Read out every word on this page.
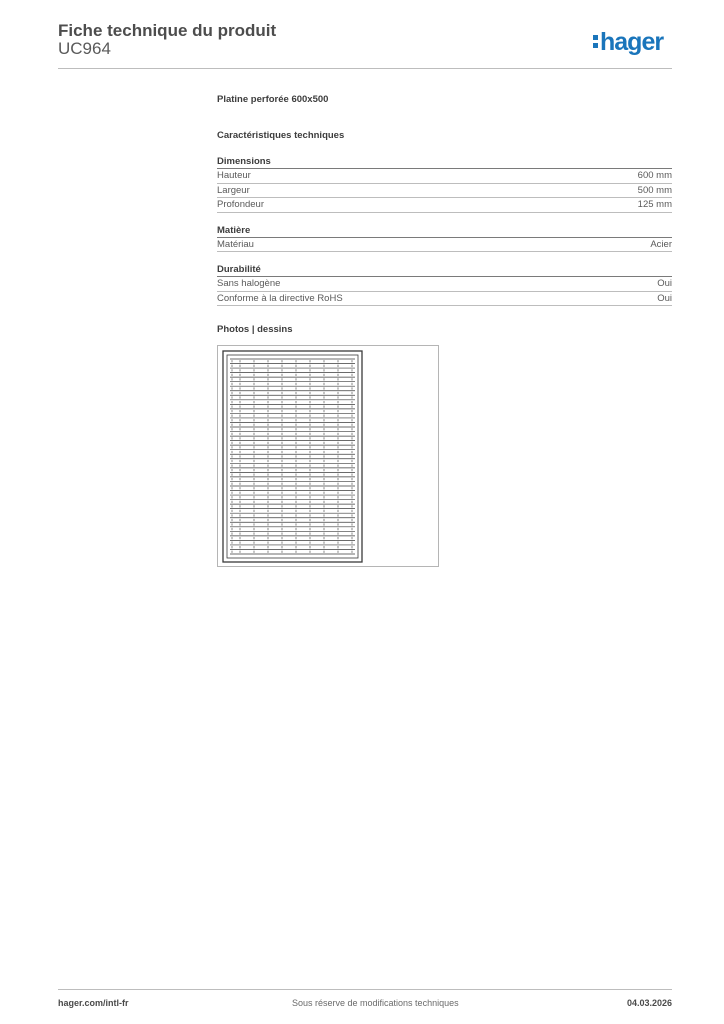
Fiche technique du produit
UC964	hager
Platine perforée 600x500
Caractéristiques techniques
Dimensions
Hauteur	600 mm
Largeur	500 mm
Profondeur	125 mm
Matière
Matériau	Acier
Durabilité
Sans halogène	Oui
Conforme à la directive RoHS	Oui
Photos | dessins
hager.com/intl-fr	Sous réserve de modifications techniques	04.03.2026
